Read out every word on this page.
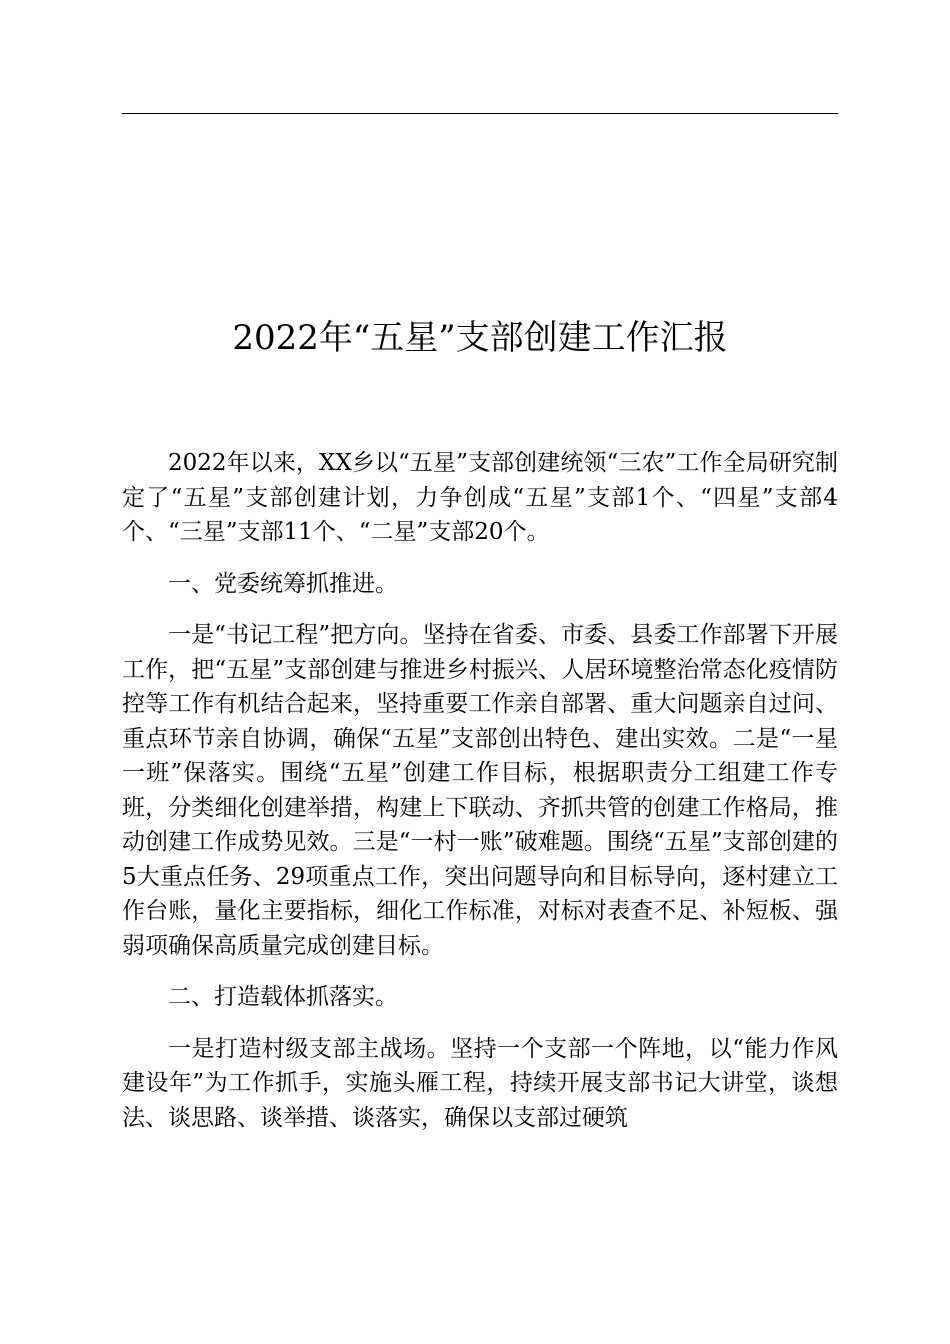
2022年“五星”支部创建工作汇报

2022年以来，XX乡以“五星”支部创建统领“三农”工作全局研究制定了“五星”支部创建计划，力争创成“五星”支部1个、“四星”支部4个、“三星”支部11个、“二星”支部20个。

一、党委统筹抓推进。

一是“书记工程”把方向。坚持在省委、市委、县委工作部署下开展工作，把“五星”支部创建与推进乡村振兴、人居环境整治常态化疫情防控等工作有机结合起来，坚持重要工作亲自部署、重大问题亲自过问、重点环节亲自协调，确保“五星”支部创出特色、建出实效。二是“一星一班”保落实。围绕“五星”创建工作目标，根据职责分工组建工作专班，分类细化创建举措，构建上下联动、齐抓共管的创建工作格局，推动创建工作成势见效。三是“一村一账”破难题。围绕“五星”支部创建的5大重点任务、29项重点工作，突出问题导向和目标导向，逐村建立工作台账，量化主要指标，细化工作标准，对标对表查不足、补短板、强弱项确保高质量完成创建目标。

二、打造载体抓落实。

一是打造村级支部主战场。坚持一个支部一个阵地，以“能力作风建设年”为工作抓手，实施头雁工程，持续开展支部书记大讲堂，谈想法、谈思路、谈举措、谈落实，确保以支部过硬筑
